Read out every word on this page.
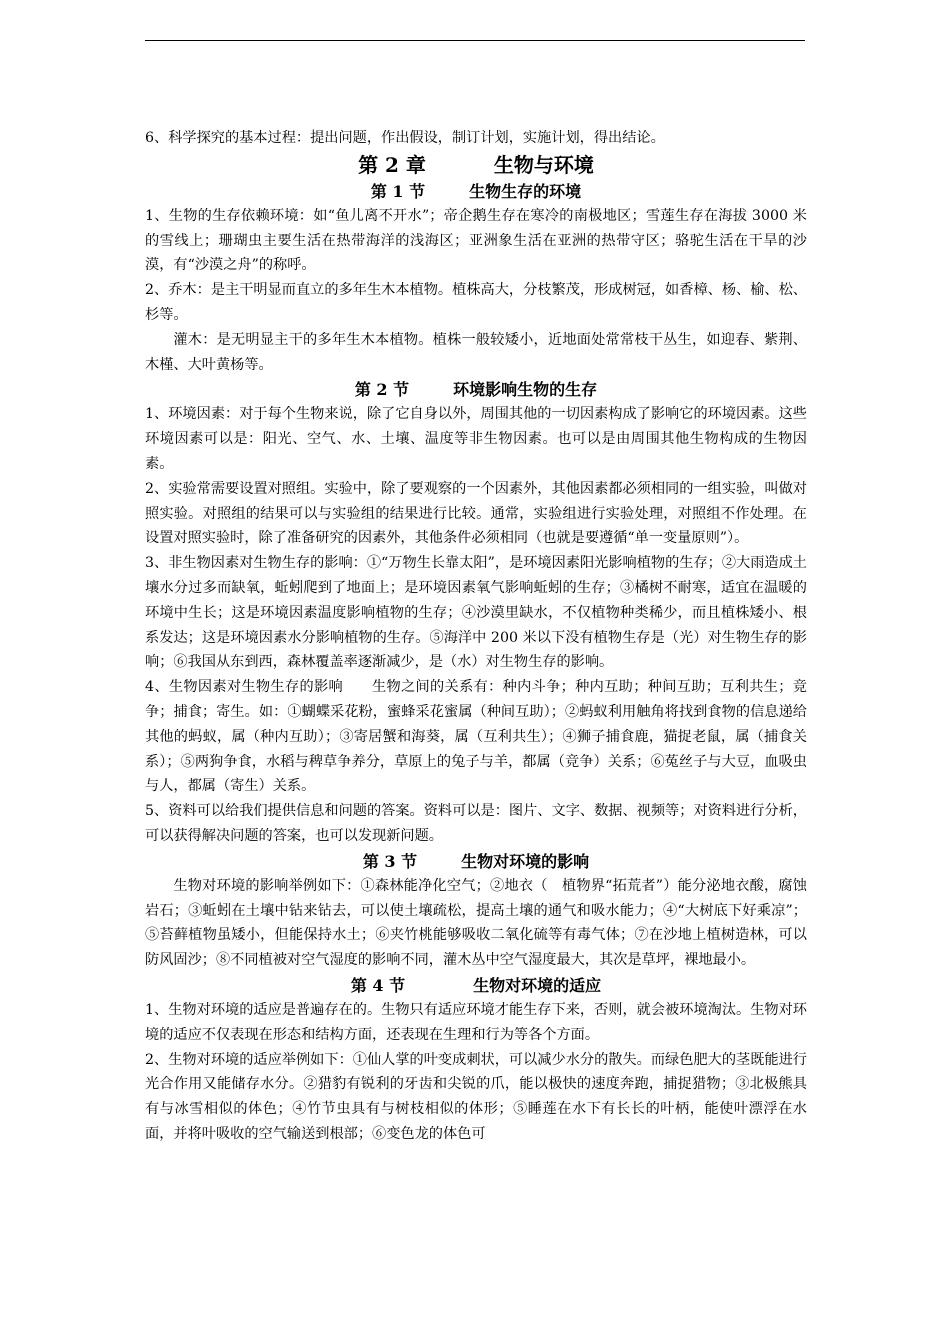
6、科学探究的基本过程：提出问题，作出假设，制订计划，实施计划，得出结论。

第 2 章	生物与环境
第 1 节	生物生存的环境

1、生物的生存依赖环境：如“鱼儿离不开水”；帝企鹅生存在寒冷的南极地区；雪莲生存在海拔 3000 米的雪线上；珊瑚虫主要生活在热带海洋的浅海区；亚洲象生活在亚洲的热带守区；骆驼生活在干旱的沙漠，有“沙漠之舟”的称呼。

2、乔木：是主干明显而直立的多年生木本植物。植株高大，分枝繁茂，形成树冠，如香樟、杨、榆、松、杉等。

灌木：是无明显主干的多年生木本植物。植株一般较矮小，近地面处常常枝干丛生，如迎春、紫荆、木槿、大叶黄杨等。

第 2 节	环境影响生物的生存

1、环境因素：对于每个生物来说，除了它自身以外，周围其他的一切因素构成了影响它的环境因素。这些环境因素可以是：阳光、空气、水、土壤、温度等非生物因素。也可以是由周围其他生物构成的生物因素。

2、实验常需要设置对照组。实验中，除了要观察的一个因素外，其他因素都必须相同的一组实验，叫做对照实验。对照组的结果可以与实验组的结果进行比较。通常，实验组进行实验处理，对照组不作处理。在设置对照实验时，除了准备研究的因素外，其他条件必须相同（也就是要遵循“单一变量原则”）。

3、非生物因素对生物生存的影响：①“万物生长靠太阳”，是环境因素阳光影响植物的生存；②大雨造成土壤水分过多而缺氧，蚯蚓爬到了地面上；是环境因素氧气影响蚯蚓的生存；③橘树不耐寒，适宜在温暖的环境中生长；这是环境因素温度影响植物的生存；④沙漠里缺水，不仅植物种类稀少，而且植株矮小、根系发达；这是环境因素水分影响植物的生存。⑤海洋中 200 米以下没有植物生存是（光）对生物生存的影响；⑥我国从东到西，森林覆盖率逐渐减少，是（水）对生物生存的影响。

4、生物因素对生物生存的影响　　生物之间的关系有：种内斗争；种内互助；种间互助；互利共生；竞争；捕食；寄生。如：①蝴蝶采花粉，蜜蜂采花蜜属（种间互助）；②蚂蚁利用触角将找到食物的信息递给其他的蚂蚁，属（种内互助）；③寄居蟹和海葵，属（互利共生）；④狮子捕食鹿，猫捉老鼠，属（捕食关系）；⑤两狗争食，水稻与稗草争养分，草原上的兔子与羊，都属（竞争）关系；⑥菟丝子与大豆，血吸虫与人，都属（寄生）关系。

5、资料可以给我们提供信息和问题的答案。资料可以是：图片、文字、数据、视频等；对资料进行分析，可以获得解决问题的答案，也可以发现新问题。

第 3 节	生物对环境的影响

生物对环境的影响举例如下：①森林能净化空气；②地衣（　植物界“拓荒者”）能分泌地衣酸，腐蚀岩石；③蚯蚓在土壤中钻来钻去，可以使土壤疏松，提高土壤的通气和吸水能力；④“大树底下好乘凉”；⑤苔藓植物虽矮小，但能保持水土；⑥夹竹桃能够吸收二氧化硫等有毒气体；⑦在沙地上植树造林，可以防风固沙；⑧不同植被对空气湿度的影响不同，灌木丛中空气湿度最大，其次是草坪，裸地最小。

第 4 节	生物对环境的适应

1、生物对环境的适应是普遍存在的。生物只有适应环境才能生存下来，否则，就会被环境淘汰。生物对环境的适应不仅表现在形态和结构方面，还表现在生理和行为等各个方面。

2、生物对环境的适应举例如下：①仙人掌的叶变成刺状，可以减少水分的散失。而绿色肥大的茎既能进行光合作用又能储存水分。②猎豹有锐利的牙齿和尖锐的爪，能以极快的速度奔跑，捕捉猎物；③北极熊具有与冰雪相似的体色；④竹节虫具有与树枝相似的体形；⑤睡莲在水下有长长的叶柄，能使叶漂浮在水面，并将叶吸收的空气输送到根部；⑥变色龙的体色可
